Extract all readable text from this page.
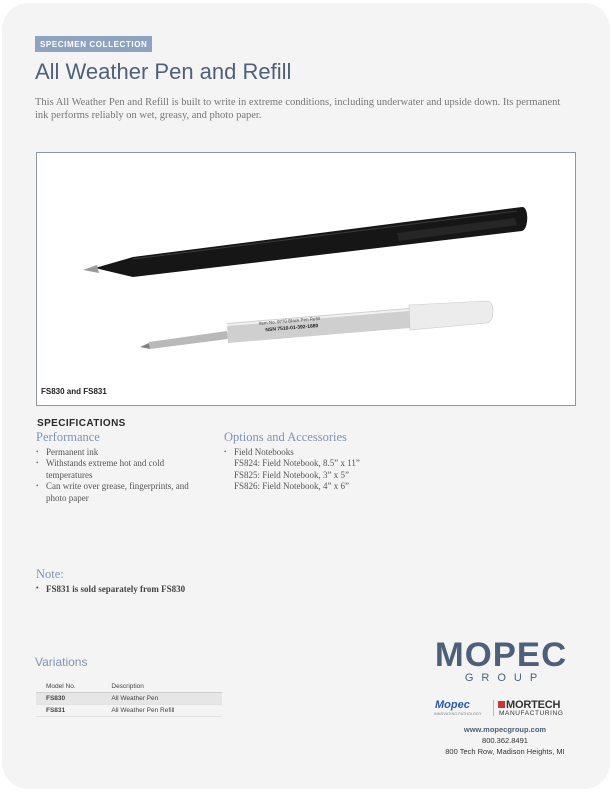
SPECIMEN COLLECTION
All Weather Pen and Refill

This All Weather Pen and Refill is built to write in extreme conditions, including underwater and upside down. Its permanent ink performs reliably on wet, greasy, and photo paper.

Item No. 9770 Black Pen Refill
NSN 7510-01-392-1880
FS830 and FS831
SPECIFICATIONS
Performance
• Permanent ink
• Withstands extreme hot and cold temperatures
• Can write over grease, fingerprints, and photo paper
Options and Accessories
• Field Notebooks
FS824: Field Notebook, 8.5” x 11”
FS825: Field Notebook, 3” x 5”
FS826: Field Notebook, 4” x 6”
Note:
• FS831 is sold separately from FS830
Variations
Model No.	Description
FS830	All Weather Pen
FS831	All Weather Pen Refill
MOPEC
GROUP
Mopec
INNOVATING PATHOLOGY
MORTECH
MANUFACTURING
www.mopecgroup.com
800.362.8491
800 Tech Row, Madison Heights, MI
